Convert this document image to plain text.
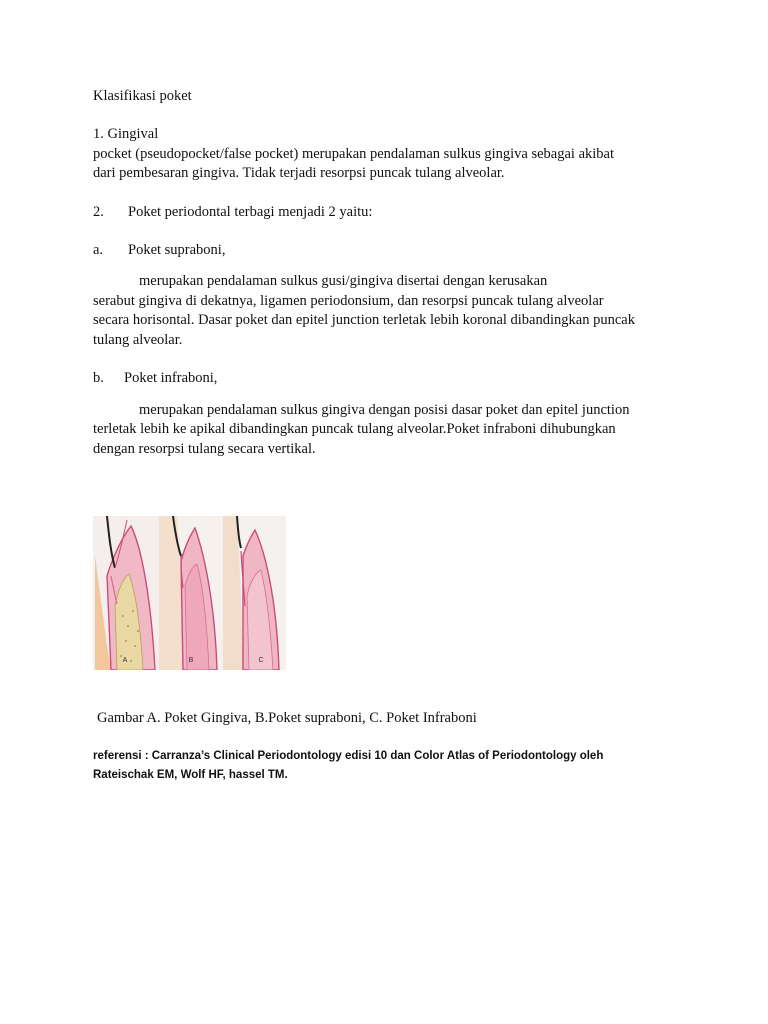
Klasifikasi poket

1. Gingival

pocket (pseudopocket/false pocket) merupakan pendalaman sulkus gingiva sebagai akibat

dari pembesaran gingiva. Tidak terjadi resorpsi puncak tulang alveolar.

2. Poket periodontal terbagi menjadi 2 yaitu:

a. Poket supraboni,

merupakan pendalaman sulkus gusi/gingiva disertai dengan kerusakan

serabut gingiva di dekatnya, ligamen periodonsium, dan resorpsi puncak tulang alveolar

secara horisontal. Dasar poket dan epitel junction terletak lebih koronal dibandingkan puncak

tulang alveolar.

b. Poket infraboni,

merupakan pendalaman sulkus gingiva dengan posisi dasar poket dan epitel junction

terletak lebih ke apikal dibandingkan puncak tulang alveolar.Poket infraboni dihubungkan

dengan resorpsi tulang secara vertikal.

A	B	C

Gambar A. Poket Gingiva, B.Poket supraboni, C. Poket Infraboni

referensi : Carranza’s Clinical Periodontology edisi 10 dan Color Atlas of Periodontology oleh

Rateischak EM, Wolf HF, hassel TM.
